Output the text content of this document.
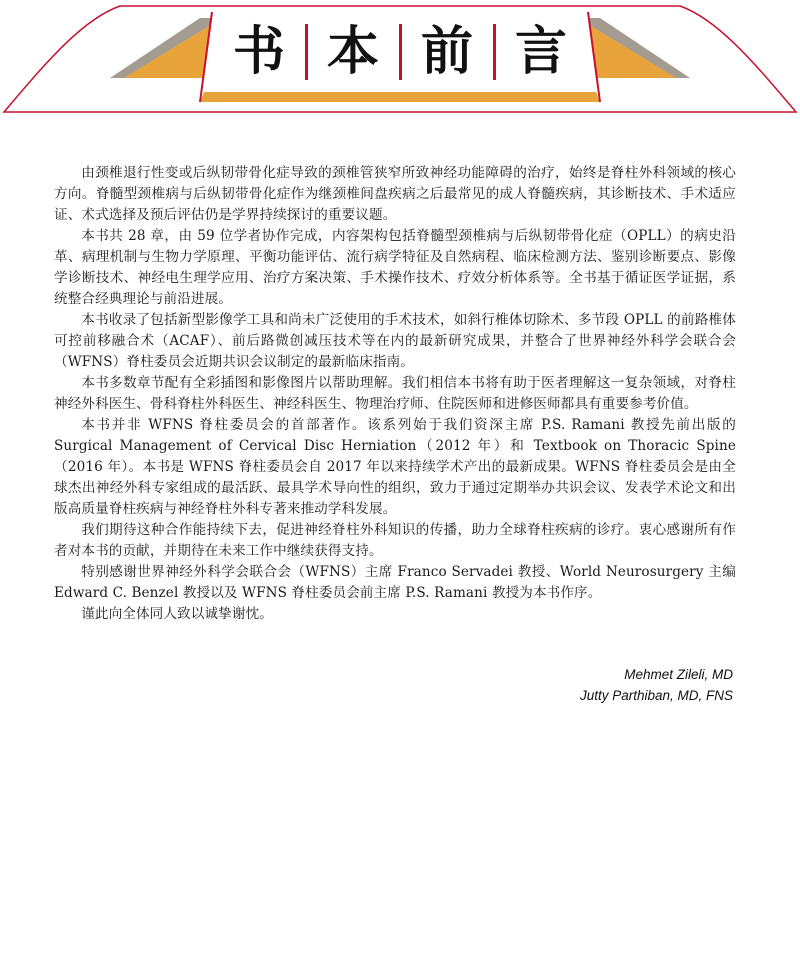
书 本 前 言

由颈椎退行性变或后纵韧带骨化症导致的颈椎管狭窄所致神经功能障碍的治疗，始终是脊柱外科领域的核心方向。脊髓型颈椎病与后纵韧带骨化症作为继颈椎间盘疾病之后最常见的成人脊髓疾病，其诊断技术、手术适应证、术式选择及预后评估仍是学界持续探讨的重要议题。

本书共 28 章，由 59 位学者协作完成，内容架构包括脊髓型颈椎病与后纵韧带骨化症（OPLL）的病史沿革、病理机制与生物力学原理、平衡功能评估、流行病学特征及自然病程、临床检测方法、鉴别诊断要点、影像学诊断技术、神经电生理学应用、治疗方案决策、手术操作技术、疗效分析体系等。全书基于循证医学证据，系统整合经典理论与前沿进展。

本书收录了包括新型影像学工具和尚未广泛使用的手术技术，如斜行椎体切除术、多节段 OPLL 的前路椎体可控前移融合术（ACAF）、前后路微创减压技术等在内的最新研究成果，并整合了世界神经外科学会联合会（WFNS）脊柱委员会近期共识会议制定的最新临床指南。

本书多数章节配有全彩插图和影像图片以帮助理解。我们相信本书将有助于医者理解这一复杂领域，对脊柱神经外科医生、骨科脊柱外科医生、神经科医生、物理治疗师、住院医师和进修医师都具有重要参考价值。

本书并非 WFNS 脊柱委员会的首部著作。该系列始于我们资深主席 P.S. Ramani 教授先前出版的 Surgical Management of Cervical Disc Herniation（2012 年）和 Textbook on Thoracic Spine（2016 年）。本书是 WFNS 脊柱委员会自 2017 年以来持续学术产出的最新成果。WFNS 脊柱委员会是由全球杰出神经外科专家组成的最活跃、最具学术导向性的组织，致力于通过定期举办共识会议、发表学术论文和出版高质量脊柱疾病与神经脊柱外科专著来推动学科发展。

我们期待这种合作能持续下去，促进神经脊柱外科知识的传播，助力全球脊柱疾病的诊疗。衷心感谢所有作者对本书的贡献，并期待在未来工作中继续获得支持。

特别感谢世界神经外科学会联合会（WFNS）主席 Franco Servadei 教授、World Neurosurgery 主编 Edward C. Benzel 教授以及 WFNS 脊柱委员会前主席 P.S. Ramani 教授为本书作序。

谨此向全体同人致以诚挚谢忱。

Mehmet Zileli, MD
Jutty Parthiban, MD, FNS
